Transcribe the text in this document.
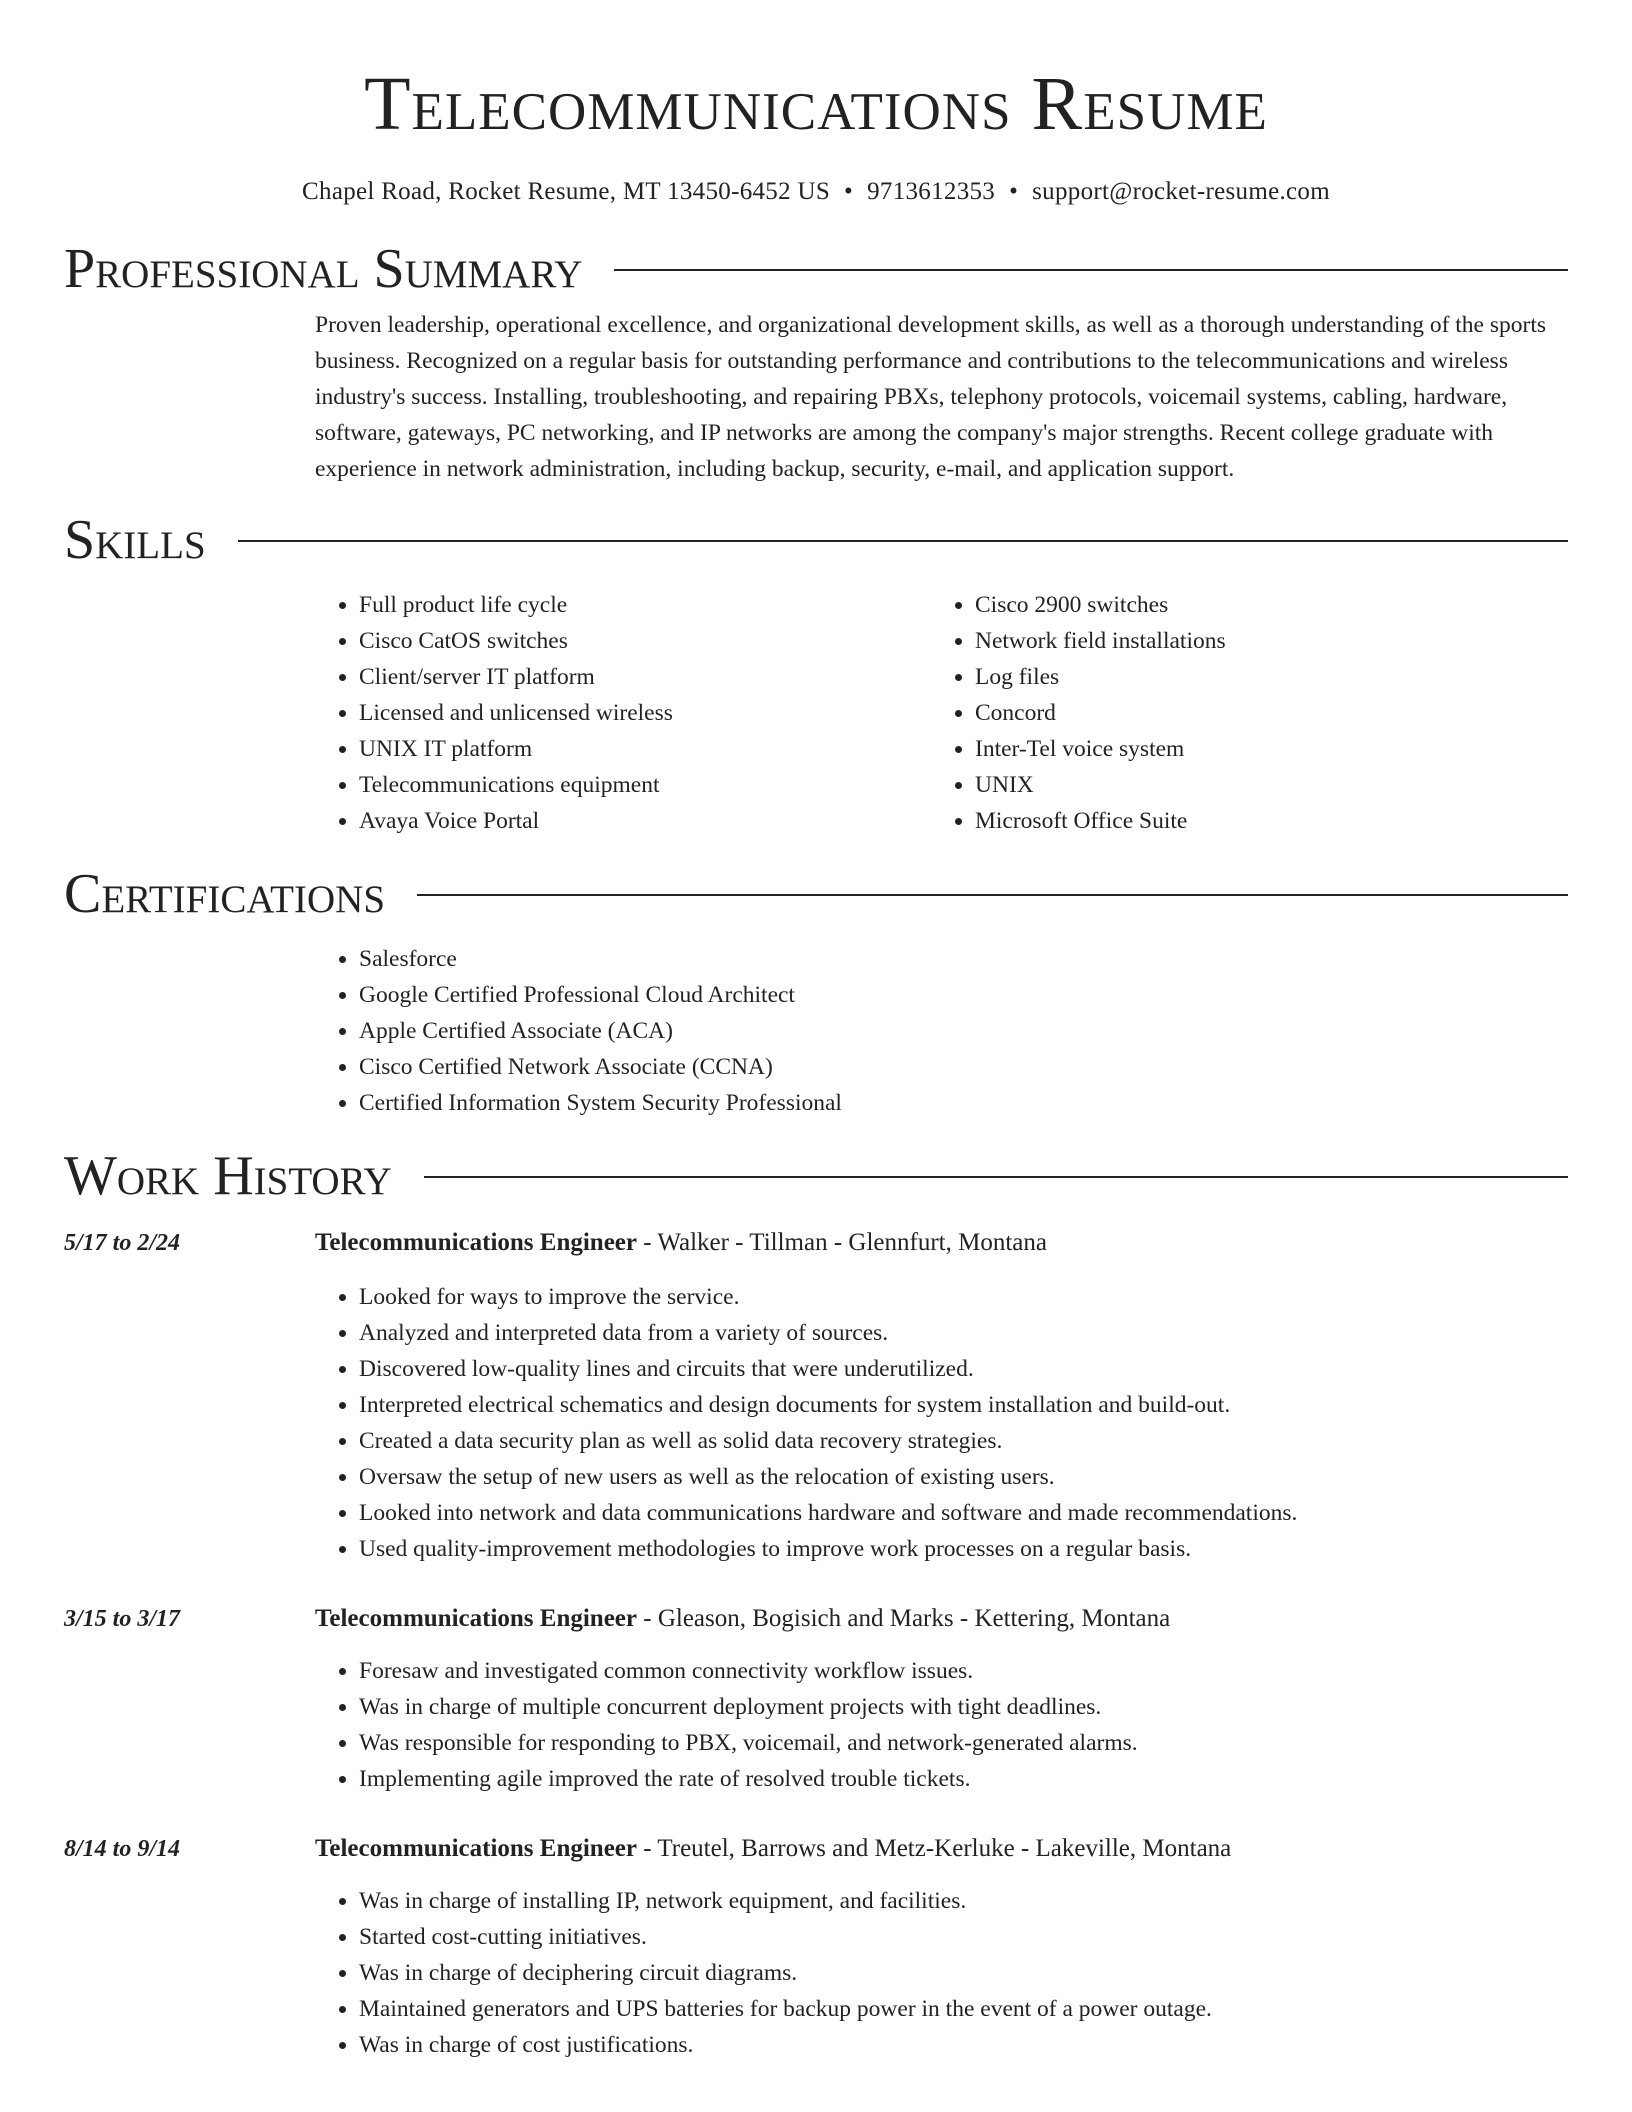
Telecommunications Resume
Chapel Road, Rocket Resume, MT 13450-6452 US • 9713612353 • support@rocket-resume.com
Professional Summary

Proven leadership, operational excellence, and organizational development skills, as well as a thorough understanding of the sports business. Recognized on a regular basis for outstanding performance and contributions to the telecommunications and wireless industry's success. Installing, troubleshooting, and repairing PBXs, telephony protocols, voicemail systems, cabling, hardware, software, gateways, PC networking, and IP networks are among the company's major strengths. Recent college graduate with experience in network administration, including backup, security, e-mail, and application support.

Skills
• Full product life cycle
• Cisco CatOS switches
• Client/server IT platform
• Licensed and unlicensed wireless
• UNIX IT platform
• Telecommunications equipment
• Avaya Voice Portal
• Cisco 2900 switches
• Network field installations
• Log files
• Concord
• Inter-Tel voice system
• UNIX
• Microsoft Office Suite
Certifications
• Salesforce
• Google Certified Professional Cloud Architect
• Apple Certified Associate (ACA)
• Cisco Certified Network Associate (CCNA)
• Certified Information System Security Professional
Work History
5/17 to 2/24	Telecommunications Engineer - Walker - Tillman - Glennfurt, Montana

• Looked for ways to improve the service.
• Analyzed and interpreted data from a variety of sources.
• Discovered low-quality lines and circuits that were underutilized.
• Interpreted electrical schematics and design documents for system installation and build-out.
• Created a data security plan as well as solid data recovery strategies.
• Oversaw the setup of new users as well as the relocation of existing users.
• Looked into network and data communications hardware and software and made recommendations.
• Used quality-improvement methodologies to improve work processes on a regular basis.
3/15 to 3/17	Telecommunications Engineer - Gleason, Bogisich and Marks - Kettering, Montana

• Foresaw and investigated common connectivity workflow issues.
• Was in charge of multiple concurrent deployment projects with tight deadlines.
• Was responsible for responding to PBX, voicemail, and network-generated alarms.
• Implementing agile improved the rate of resolved trouble tickets.
8/14 to 9/14	Telecommunications Engineer - Treutel, Barrows and Metz-Kerluke - Lakeville, Montana

• Was in charge of installing IP, network equipment, and facilities.
• Started cost-cutting initiatives.
• Was in charge of deciphering circuit diagrams.
• Maintained generators and UPS batteries for backup power in the event of a power outage.
• Was in charge of cost justifications.
